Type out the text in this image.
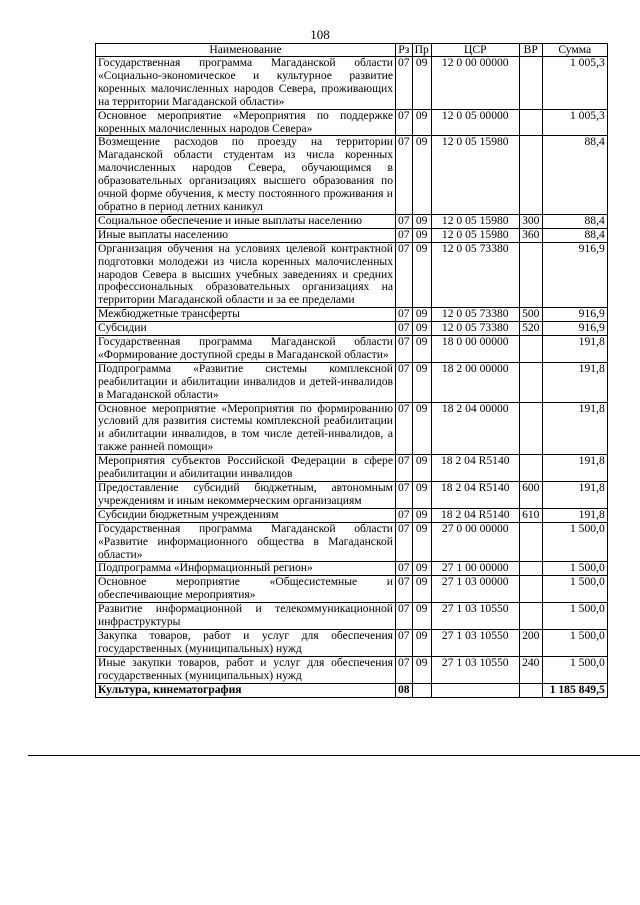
108
Наименование	Рз	Пр	ЦСР	ВР	Сумма
Государственная программа Магаданской области «Социально-экономическое и культурное развитие коренных малочисленных народов Севера, проживающих на территории Магаданской области»	07	09	12 0 00 00000		1 005,3
Основное мероприятие «Мероприятия по поддержке коренных малочисленных народов Севера»	07	09	12 0 05 00000		1 005,3
Возмещение расходов по проезду на территории Магаданской области студентам из числа коренных малочисленных народов Севера, обучающимся в образовательных организациях высшего образования по очной форме обучения, к месту постоянного проживания и обратно в период летних каникул	07	09	12 0 05 15980		88,4
Социальное обеспечение и иные выплаты населению	07	09	12 0 05 15980	300	88,4
Иные выплаты населению	07	09	12 0 05 15980	360	88,4
Организация обучения на условиях целевой контрактной подготовки молодежи из числа коренных малочисленных народов Севера в высших учебных заведениях и средних профессиональных образовательных организациях на территории Магаданской области и за ее пределами	07	09	12 0 05 73380		916,9
Межбюджетные трансферты	07	09	12 0 05 73380	500	916,9
Субсидии	07	09	12 0 05 73380	520	916,9
Государственная программа Магаданской области «Формирование доступной среды в Магаданской области»	07	09	18 0 00 00000		191,8
Подпрограмма «Развитие системы комплексной реабилитации и абилитации инвалидов и детей-инвалидов в Магаданской области»	07	09	18 2 00 00000		191,8
Основное мероприятие «Мероприятия по формированию условий для развития системы комплексной реабилитации и абилитации инвалидов, в том числе детей-инвалидов, а также ранней помощи»	07	09	18 2 04 00000		191,8
Мероприятия субъектов Российской Федерации в сфере реабилитации и абилитации инвалидов	07	09	18 2 04 R5140		191,8
Предоставление субсидий бюджетным, автономным учреждениям и иным некоммерческим организациям	07	09	18 2 04 R5140	600	191,8
Субсидии бюджетным учреждениям	07	09	18 2 04 R5140	610	191,8
Государственная программа Магаданской области «Развитие информационного общества в Магаданской области»	07	09	27 0 00 00000		1 500,0
Подпрограмма «Информационный регион»	07	09	27 1 00 00000		1 500,0
Основное мероприятие «Общесистемные и обеспечивающие мероприятия»	07	09	27 1 03 00000		1 500,0
Развитие информационной и телекоммуникационной инфраструктуры	07	09	27 1 03 10550		1 500,0
Закупка товаров, работ и услуг для обеспечения государственных (муниципальных) нужд	07	09	27 1 03 10550	200	1 500,0
Иные закупки товаров, работ и услуг для обеспечения государственных (муниципальных) нужд	07	09	27 1 03 10550	240	1 500,0
Культура, кинематография	08				1 185 849,5
